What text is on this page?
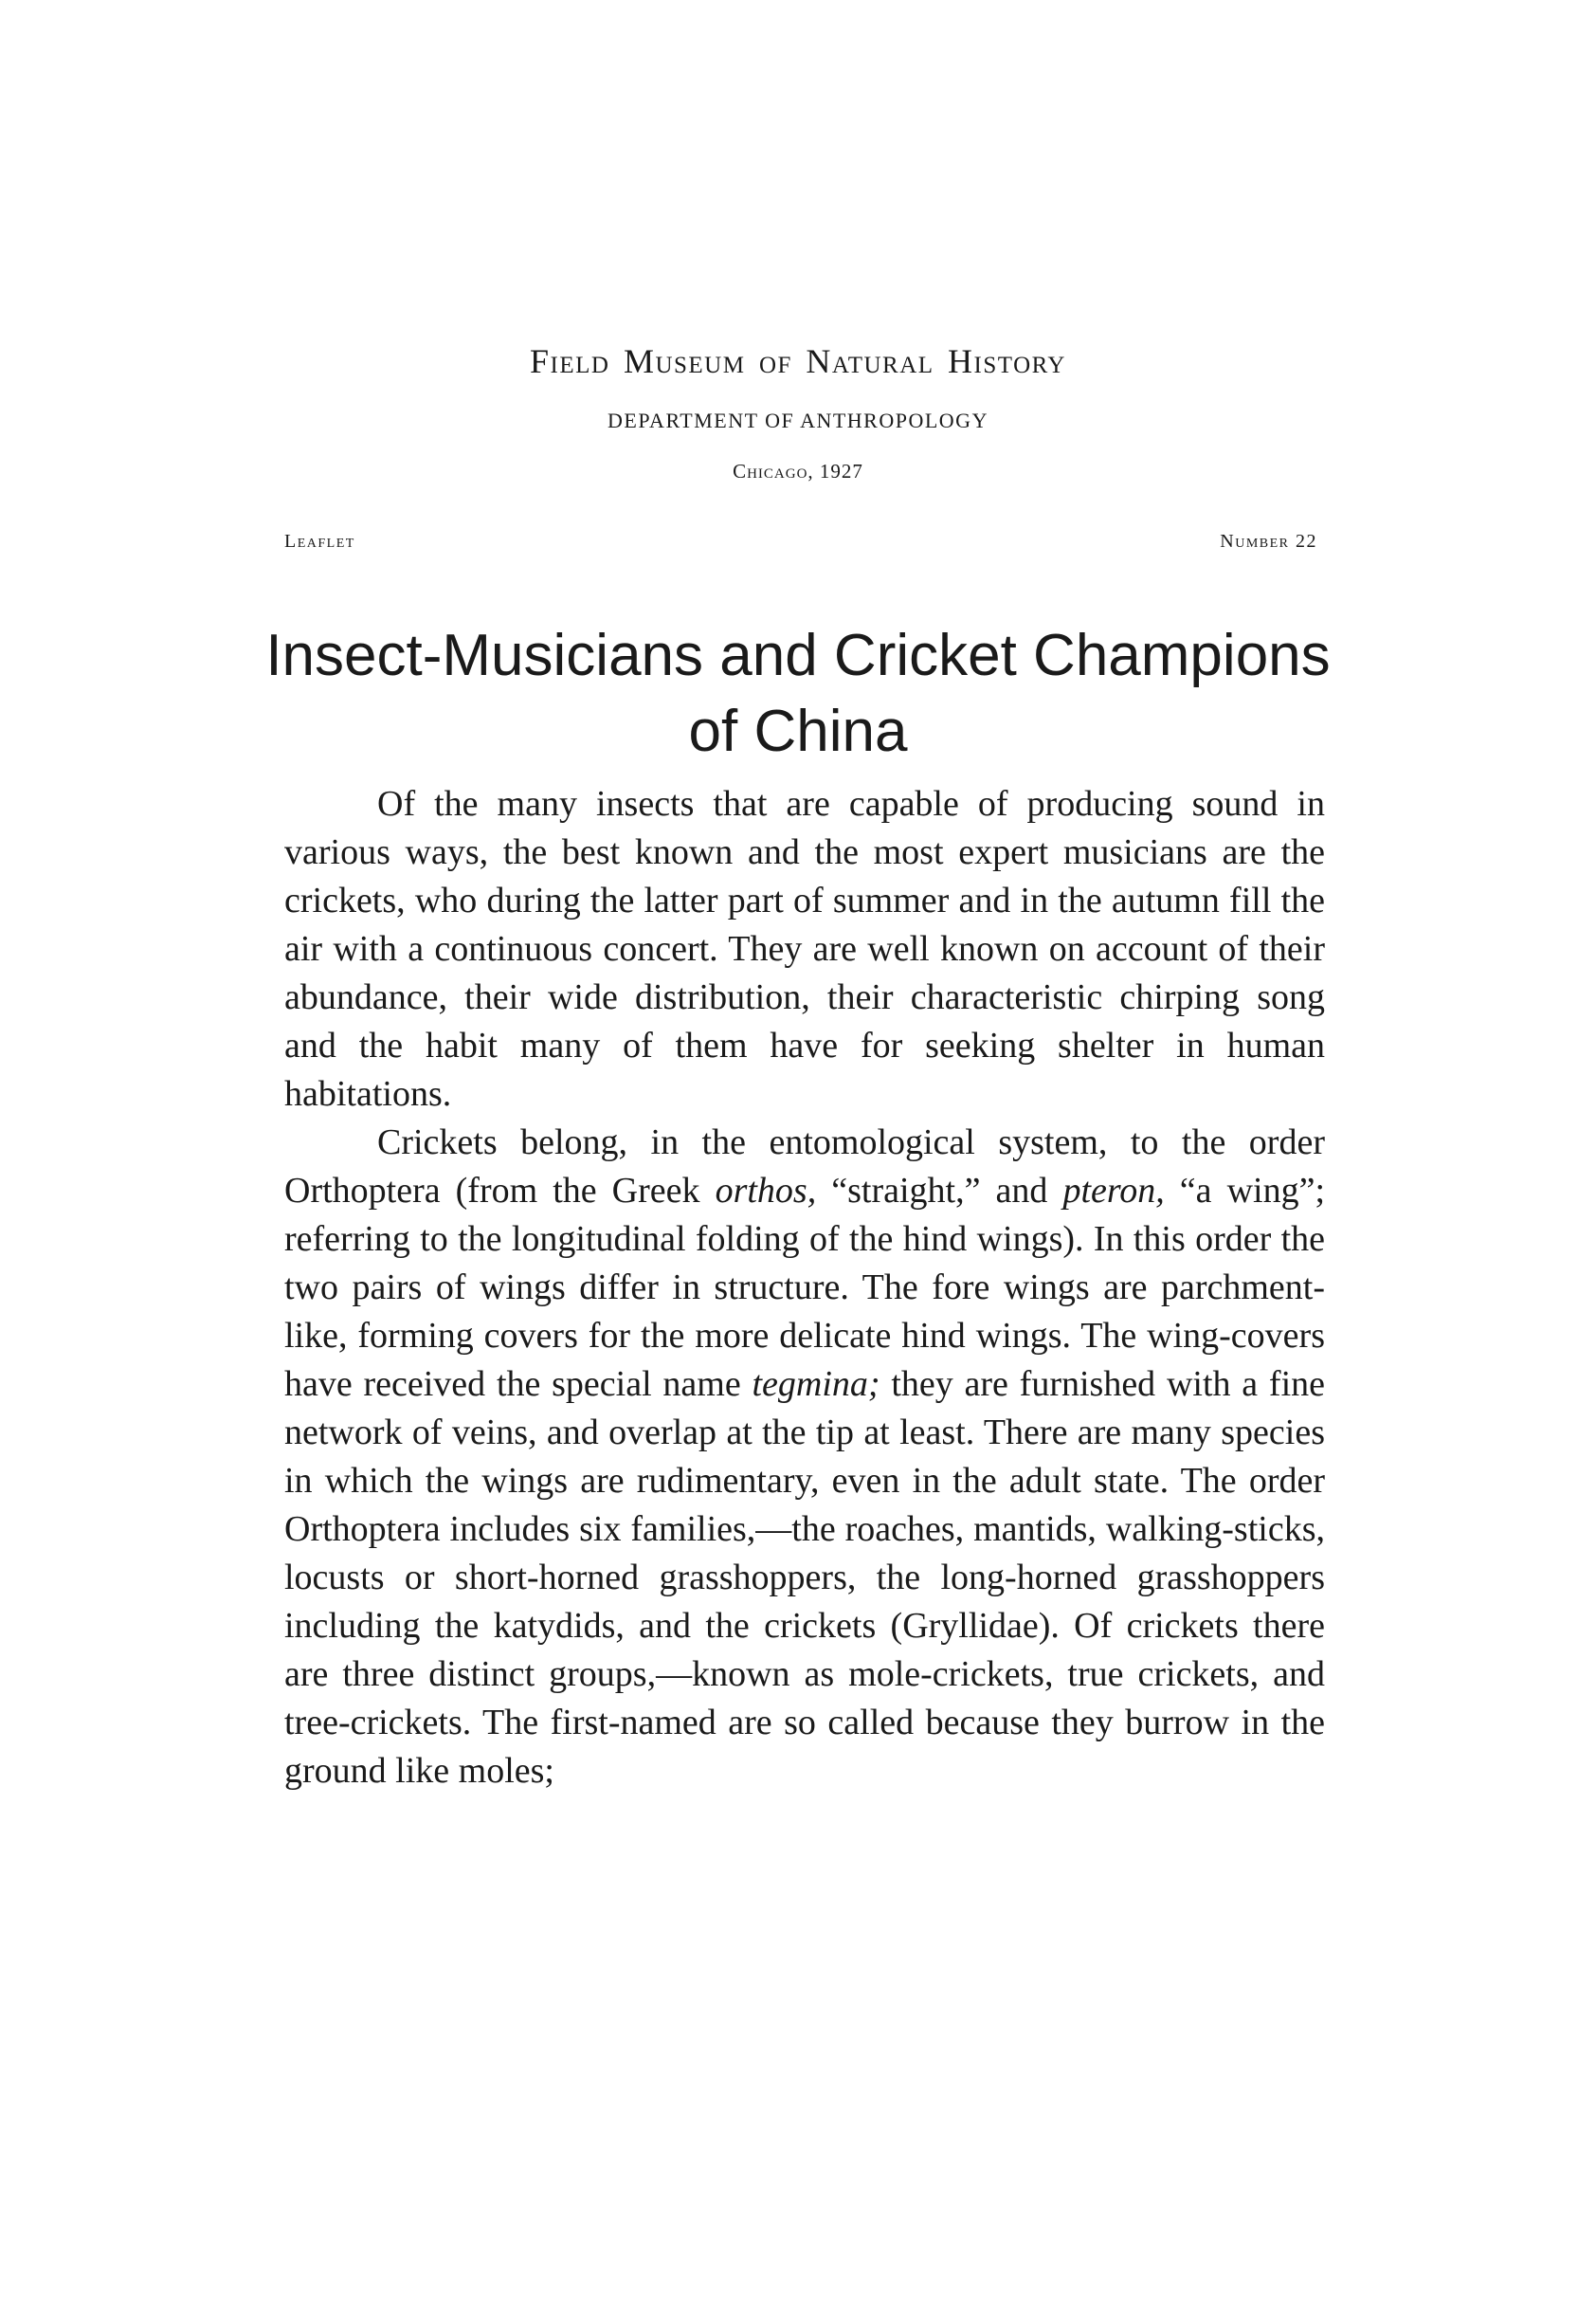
Field Museum of Natural History
DEPARTMENT OF ANTHROPOLOGY
Chicago, 1927
Leaflet	Number 22
Insect-Musicians and Cricket Champions
of China

Of the many insects that are capable of producing sound in various ways, the best known and the most expert musicians are the crickets, who during the latter part of summer and in the autumn fill the air with a continuous concert. They are well known on account of their abundance, their wide distribution, their characteristic chirping song and the habit many of them have for seeking shelter in human habitations.

Crickets belong, in the entomological system, to the order Orthoptera (from the Greek orthos, “straight,” and pteron, “a wing”; referring to the longitudinal folding of the hind wings). In this order the two pairs of wings differ in structure. The fore wings are parchment-like, forming covers for the more delicate hind wings. The wing-covers have received the special name tegmina; they are furnished with a fine network of veins, and overlap at the tip at least. There are many species in which the wings are rudimentary, even in the adult state. The order Orthoptera includes six families,—the roaches, mantids, walking-sticks, locusts or short-horned grasshoppers, the long-horned grasshoppers including the katydids, and the crickets (Gryllidae). Of crickets there are three distinct groups,—known as mole-crickets, true crickets, and tree-crickets. The first-named are so called because they burrow in the ground like moles;
